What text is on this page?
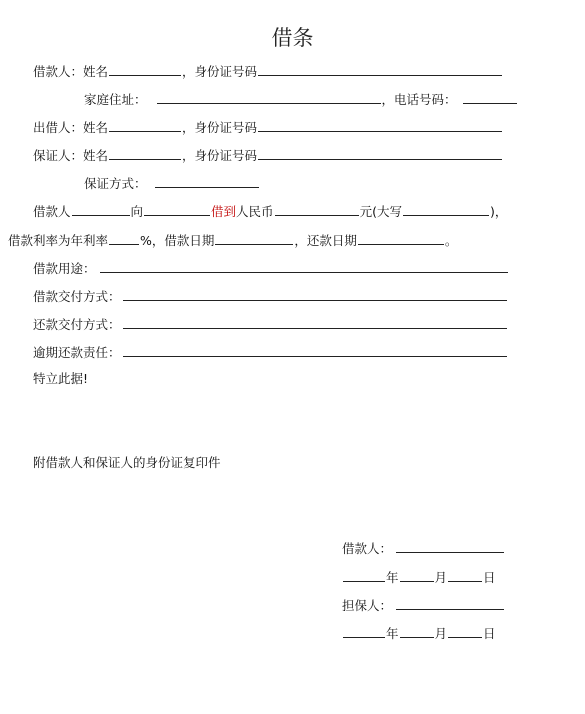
借条
借款人：姓名	，身份证号码
家庭住址：	，电话号码：
出借人：姓名	，身份证号码
保证人：姓名	，身份证号码
保证方式：
借款人	向	借到人民币	元(大写	)，
借款利率为年利率	%，借款日期	，还款日期	。
借款用途：
借款交付方式：
还款交付方式：
逾期还款责任：
特立此据!
附借款人和保证人的身份证复印件
借款人：
年	月	日
担保人：
年	月	日
